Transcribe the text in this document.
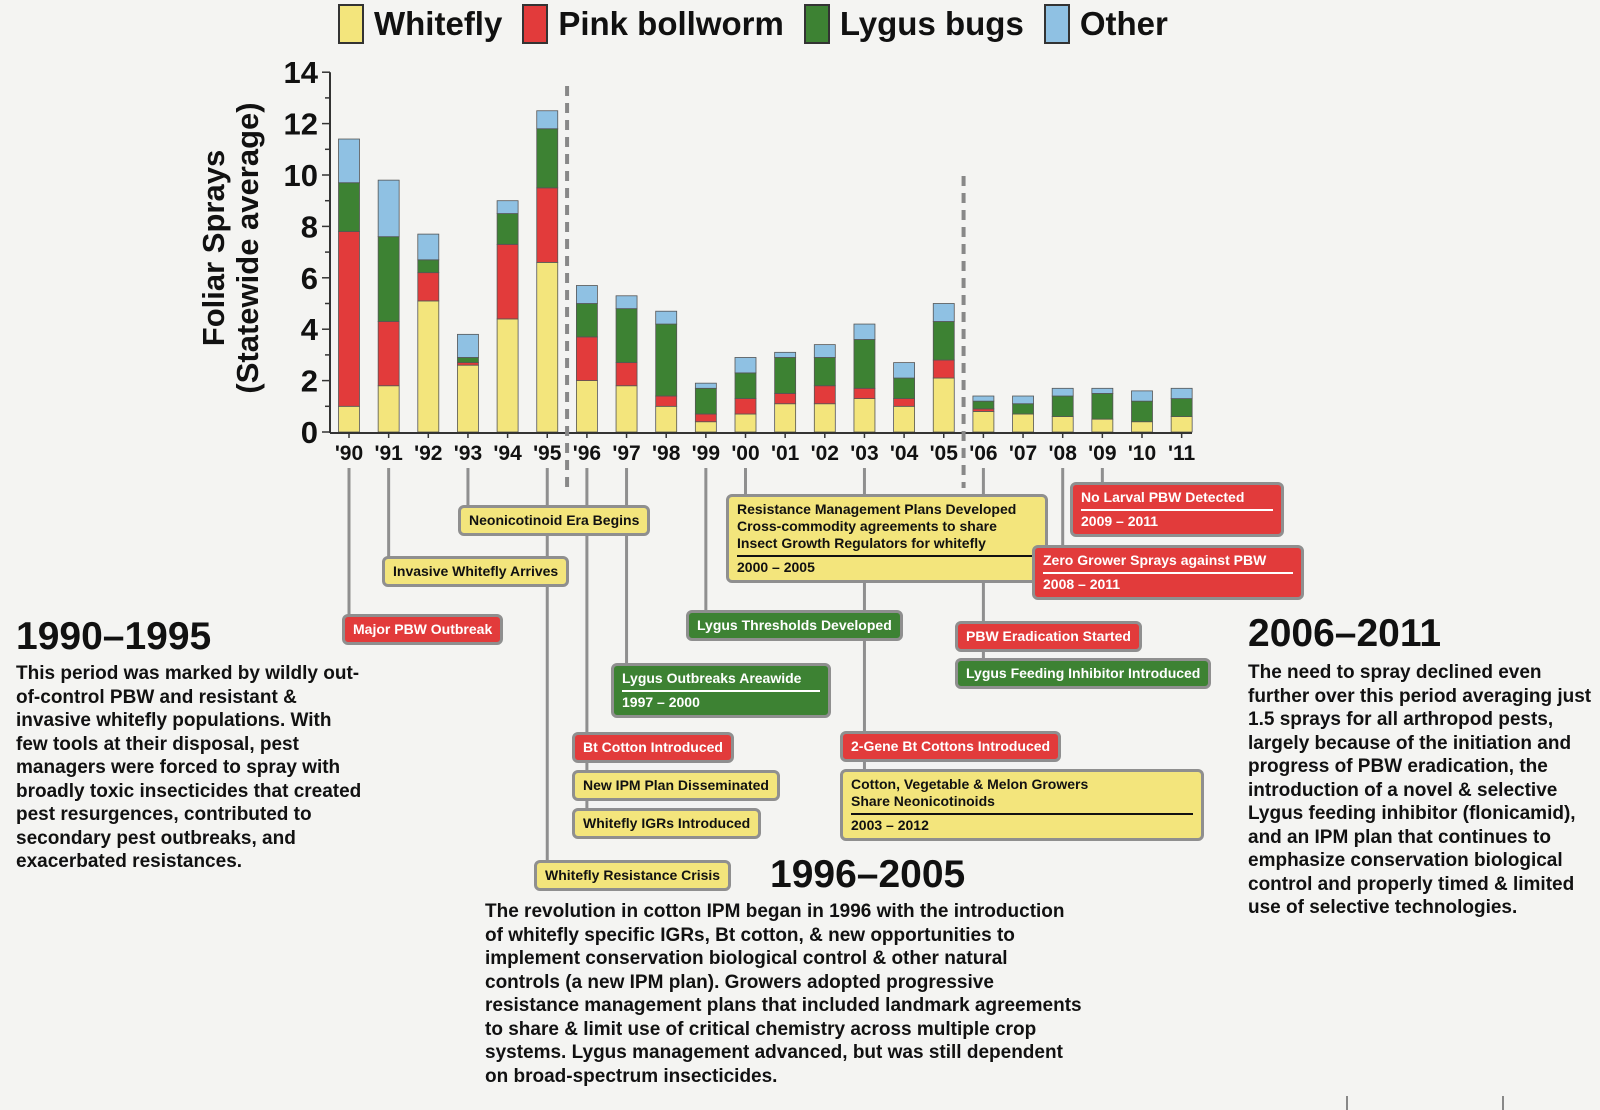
0
2
4
6
8
10
12
14
'90 '91 '92 '93 '94 '95 '96 '97 '98 '99 '00 '01 '02 '03 '04 '05 '06 '07 '08 '09 '10 '11
Whitefly Pink bollworm Lygus bugs Other
Foliar Sprays (Statewide average)
Major PBW Outbreak
Invasive Whitefly Arrives
Neonicotinoid Era Begins
Whitefly Resistance Crisis
Bt Cotton Introduced
New IPM Plan Disseminated
Whitefly IGRs Introduced
Lygus Outbreaks Areawide
1997 – 2000
Lygus Thresholds Developed
Resistance Management Plans Developed
Cross-commodity agreements to share
Insect Growth Regulators for whitefly
2000 – 2005
2-Gene Bt Cottons Introduced
Cotton, Vegetable & Melon Growers
Share Neonicotinoids
2003 – 2012
PBW Eradication Started
Lygus Feeding Inhibitor Introduced
No Larval PBW Detected
2009 – 2011
Zero Grower Sprays against PBW
2008 – 2011
1990–1995
This period was marked by wildly out-of-control PBW and resistant & invasive whitefly populations. With few tools at their disposal, pest managers were forced to spray with broadly toxic insecticides that created pest resurgences, contributed to secondary pest outbreaks, and exacerbated resistances.	1996–2005
The revolution in cotton IPM began in 1996 with the introduction of whitefly specific IGRs, Bt cotton, & new opportunities to implement conservation biological control & other natural controls (a new IPM plan). Growers adopted progressive resistance management plans that included landmark agreements to share & limit use of critical chemistry across multiple crop systems. Lygus management advanced, but was still dependent on broad-spectrum insecticides.
2006–2011
The need to spray declined even further over this period averaging just 1.5 sprays for all arthropod pests, largely because of the initiation and progress of PBW eradication, the introduction of a novel & selective Lygus feeding inhibitor (flonicamid), and an IPM plan that continues to emphasize conservation biological control and properly timed & limited use of selective technologies.
